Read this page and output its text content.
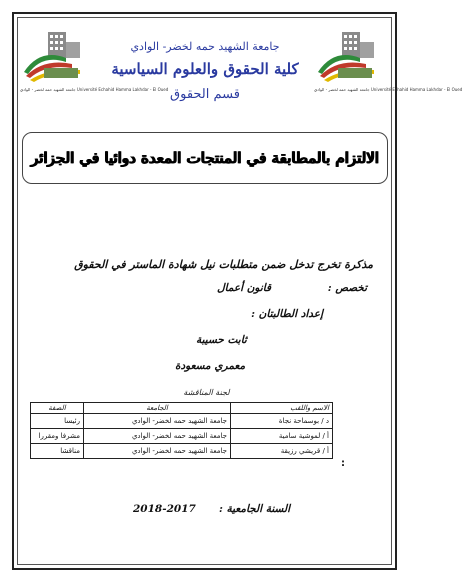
جامعة الشهيد حمه لخضر - الوادي Université Echahid Hamma Lakhdar - El Oued	جامعة الشهيد حمه لخضر - الوادي Université Echahid Hamma Lakhdar - El Oued
جامعة الشهيد حمه لخضر- الوادي
كلية الحقوق والعلوم السياسية
قسم الحقوق
الالتزام بالمطابقة في المنتجات المعدة دوائيا في الجزائر
مذكرة تخرج تدخل ضمن متطلبات نيل شهادة الماستر في الحقوق
تخصص :
قانون أعمال
إعداد الطالبتان :
ثابت حسيبة
معمري مسعودة
لجنة المناقشة
الاسم واللقب	الجامعة	الصفة
د / بوسماحة نجاة	جامعة الشهيد حمه لخضر- الوادي	رئيسا
أ / لموشية سامية	جامعة الشهيد حمه لخضر- الوادي	مشرفا ومقررا
أ / قريشي رزيقة	جامعة الشهيد حمه لخضر- الوادي	مناقشا
:
السنة الجامعية :
2018-2017
